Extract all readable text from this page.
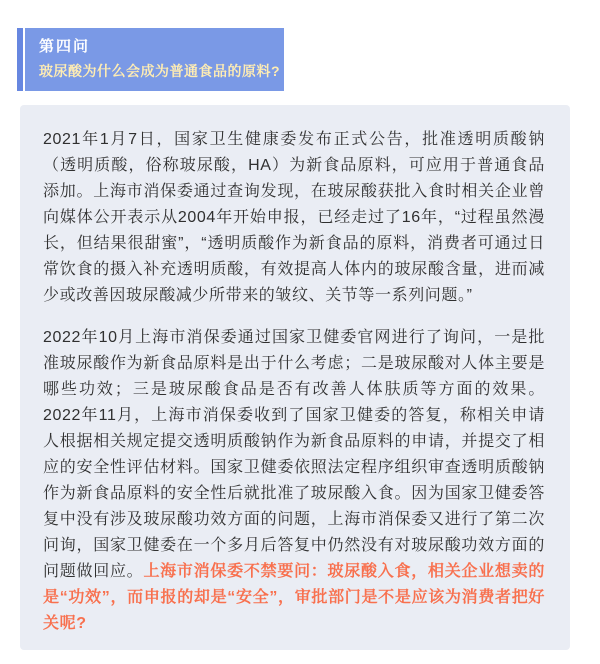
第四问
玻尿酸为什么会成为普通食品的原料?

2021年1月7日，国家卫生健康委发布正式公告，批准透明质酸钠（透明质酸，俗称玻尿酸，HA）为新食品原料，可应用于普通食品添加。上海市消保委通过查询发现，在玻尿酸获批入食时相关企业曾向媒体公开表示从2004年开始申报，已经走过了16年，“过程虽然漫长，但结果很甜蜜”，“透明质酸作为新食品的原料，消费者可通过日常饮食的摄入补充透明质酸，有效提高人体内的玻尿酸含量，进而减少或改善因玻尿酸减少所带来的皱纹、关节等一系列问题。”

2022年10月上海市消保委通过国家卫健委官网进行了询问，一是批准玻尿酸作为新食品原料是出于什么考虑；二是玻尿酸对人体主要是哪些功效；三是玻尿酸食品是否有改善人体肤质等方面的效果。2022年11月，上海市消保委收到了国家卫健委的答复，称相关申请人根据相关规定提交透明质酸钠作为新食品原料的申请，并提交了相应的安全性评估材料。国家卫健委依照法定程序组织审查透明质酸钠作为新食品原料的安全性后就批准了玻尿酸入食。因为国家卫健委答复中没有涉及玻尿酸功效方面的问题，上海市消保委又进行了第二次问询，国家卫健委在一个多月后答复中仍然没有对玻尿酸功效方面的问题做回应。上海市消保委不禁要问：玻尿酸入食，相关企业想卖的是“功效”，而申报的却是“安全”，审批部门是不是应该为消费者把好关呢?
